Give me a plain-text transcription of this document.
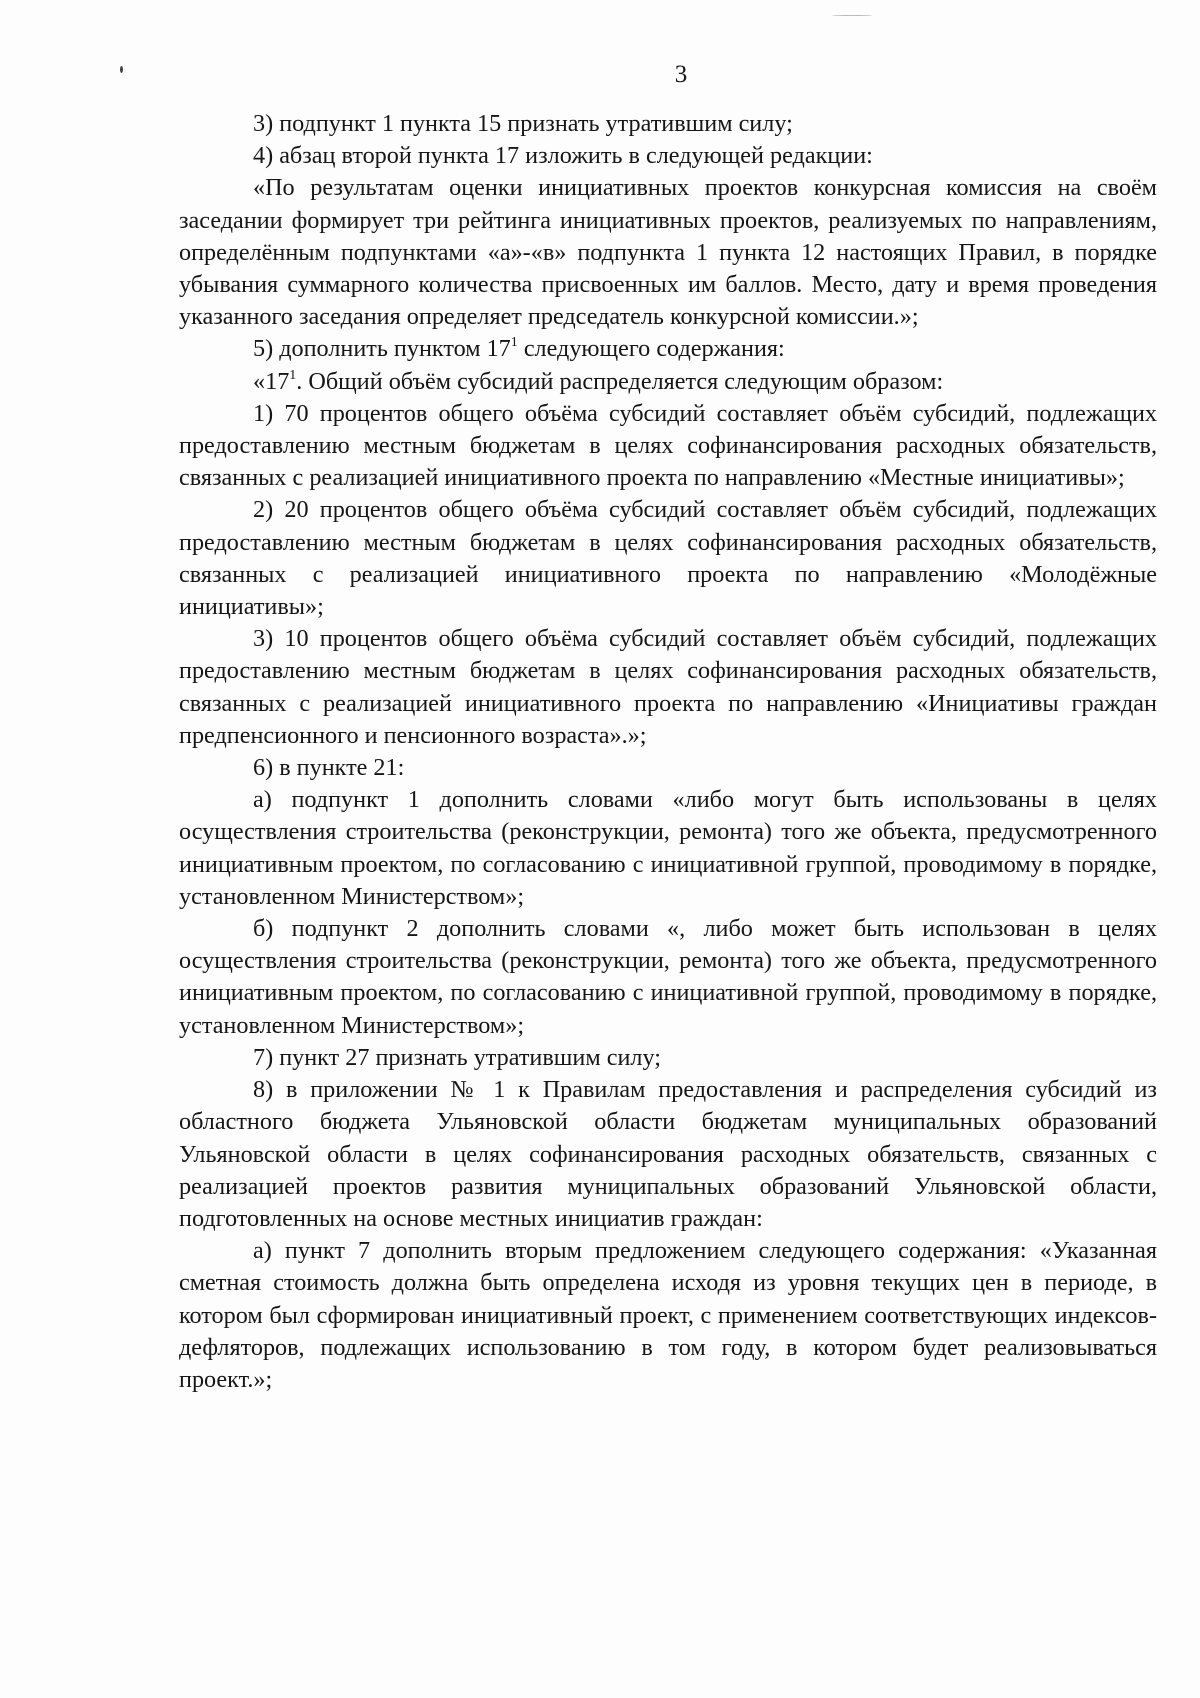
3

3) подпункт 1 пункта 15 признать утратившим силу;

4) абзац второй пункта 17 изложить в следующей редакции:

«По результатам оценки инициативных проектов конкурсная комиссия на своём заседании формирует три рейтинга инициативных проектов, реализуемых по направлениям, определённым подпунктами «а»-«в» подпункта 1 пункта 12 настоящих Правил, в порядке убывания суммарного количества присвоенных им баллов. Место, дату и время проведения указанного заседания определяет председатель конкурсной комиссии.»;

5) дополнить пунктом $17^1$ следующего содержания:

«$17^1$. Общий объём субсидий распределяется следующим образом:

1) 70 процентов общего объёма субсидий составляет объём субсидий, подлежащих предоставлению местным бюджетам в целях софинансирования расходных обязательств, связанных с реализацией инициативного проекта по направлению «Местные инициативы»;

2) 20 процентов общего объёма субсидий составляет объём субсидий, подлежащих предоставлению местным бюджетам в целях софинансирования расходных обязательств, связанных с реализацией инициативного проекта по направлению «Молодёжные инициативы»;

3) 10 процентов общего объёма субсидий составляет объём субсидий, подлежащих предоставлению местным бюджетам в целях софинансирования расходных обязательств, связанных с реализацией инициативного проекта по направлению «Инициативы граждан предпенсионного и пенсионного возраста».»;

6) в пункте 21:

а) подпункт 1 дополнить словами «либо могут быть использованы в целях осуществления строительства (реконструкции, ремонта) того же объекта, предусмотренного инициативным проектом, по согласованию с инициативной группой, проводимому в порядке, установленном Министерством»;

б) подпункт 2 дополнить словами «, либо может быть использован в целях осуществления строительства (реконструкции, ремонта) того же объекта, предусмотренного инициативным проектом, по согласованию с инициативной группой, проводимому в порядке, установленном Министерством»;

7) пункт 27 признать утратившим силу;

8) в приложении № 1 к Правилам предоставления и распределения субсидий из областного бюджета Ульяновской области бюджетам муниципальных образований Ульяновской области в целях софинансирования расходных обязательств, связанных с реализацией проектов развития муниципальных образований Ульяновской области, подготовленных на основе местных инициатив граждан:

а) пункт 7 дополнить вторым предложением следующего содержания: «Указанная сметная стоимость должна быть определена исходя из уровня текущих цен в периоде, в котором был сформирован инициативный проект, с применением соответствующих индексов-дефляторов, подлежащих использованию в том году, в котором будет реализовываться проект.»;
